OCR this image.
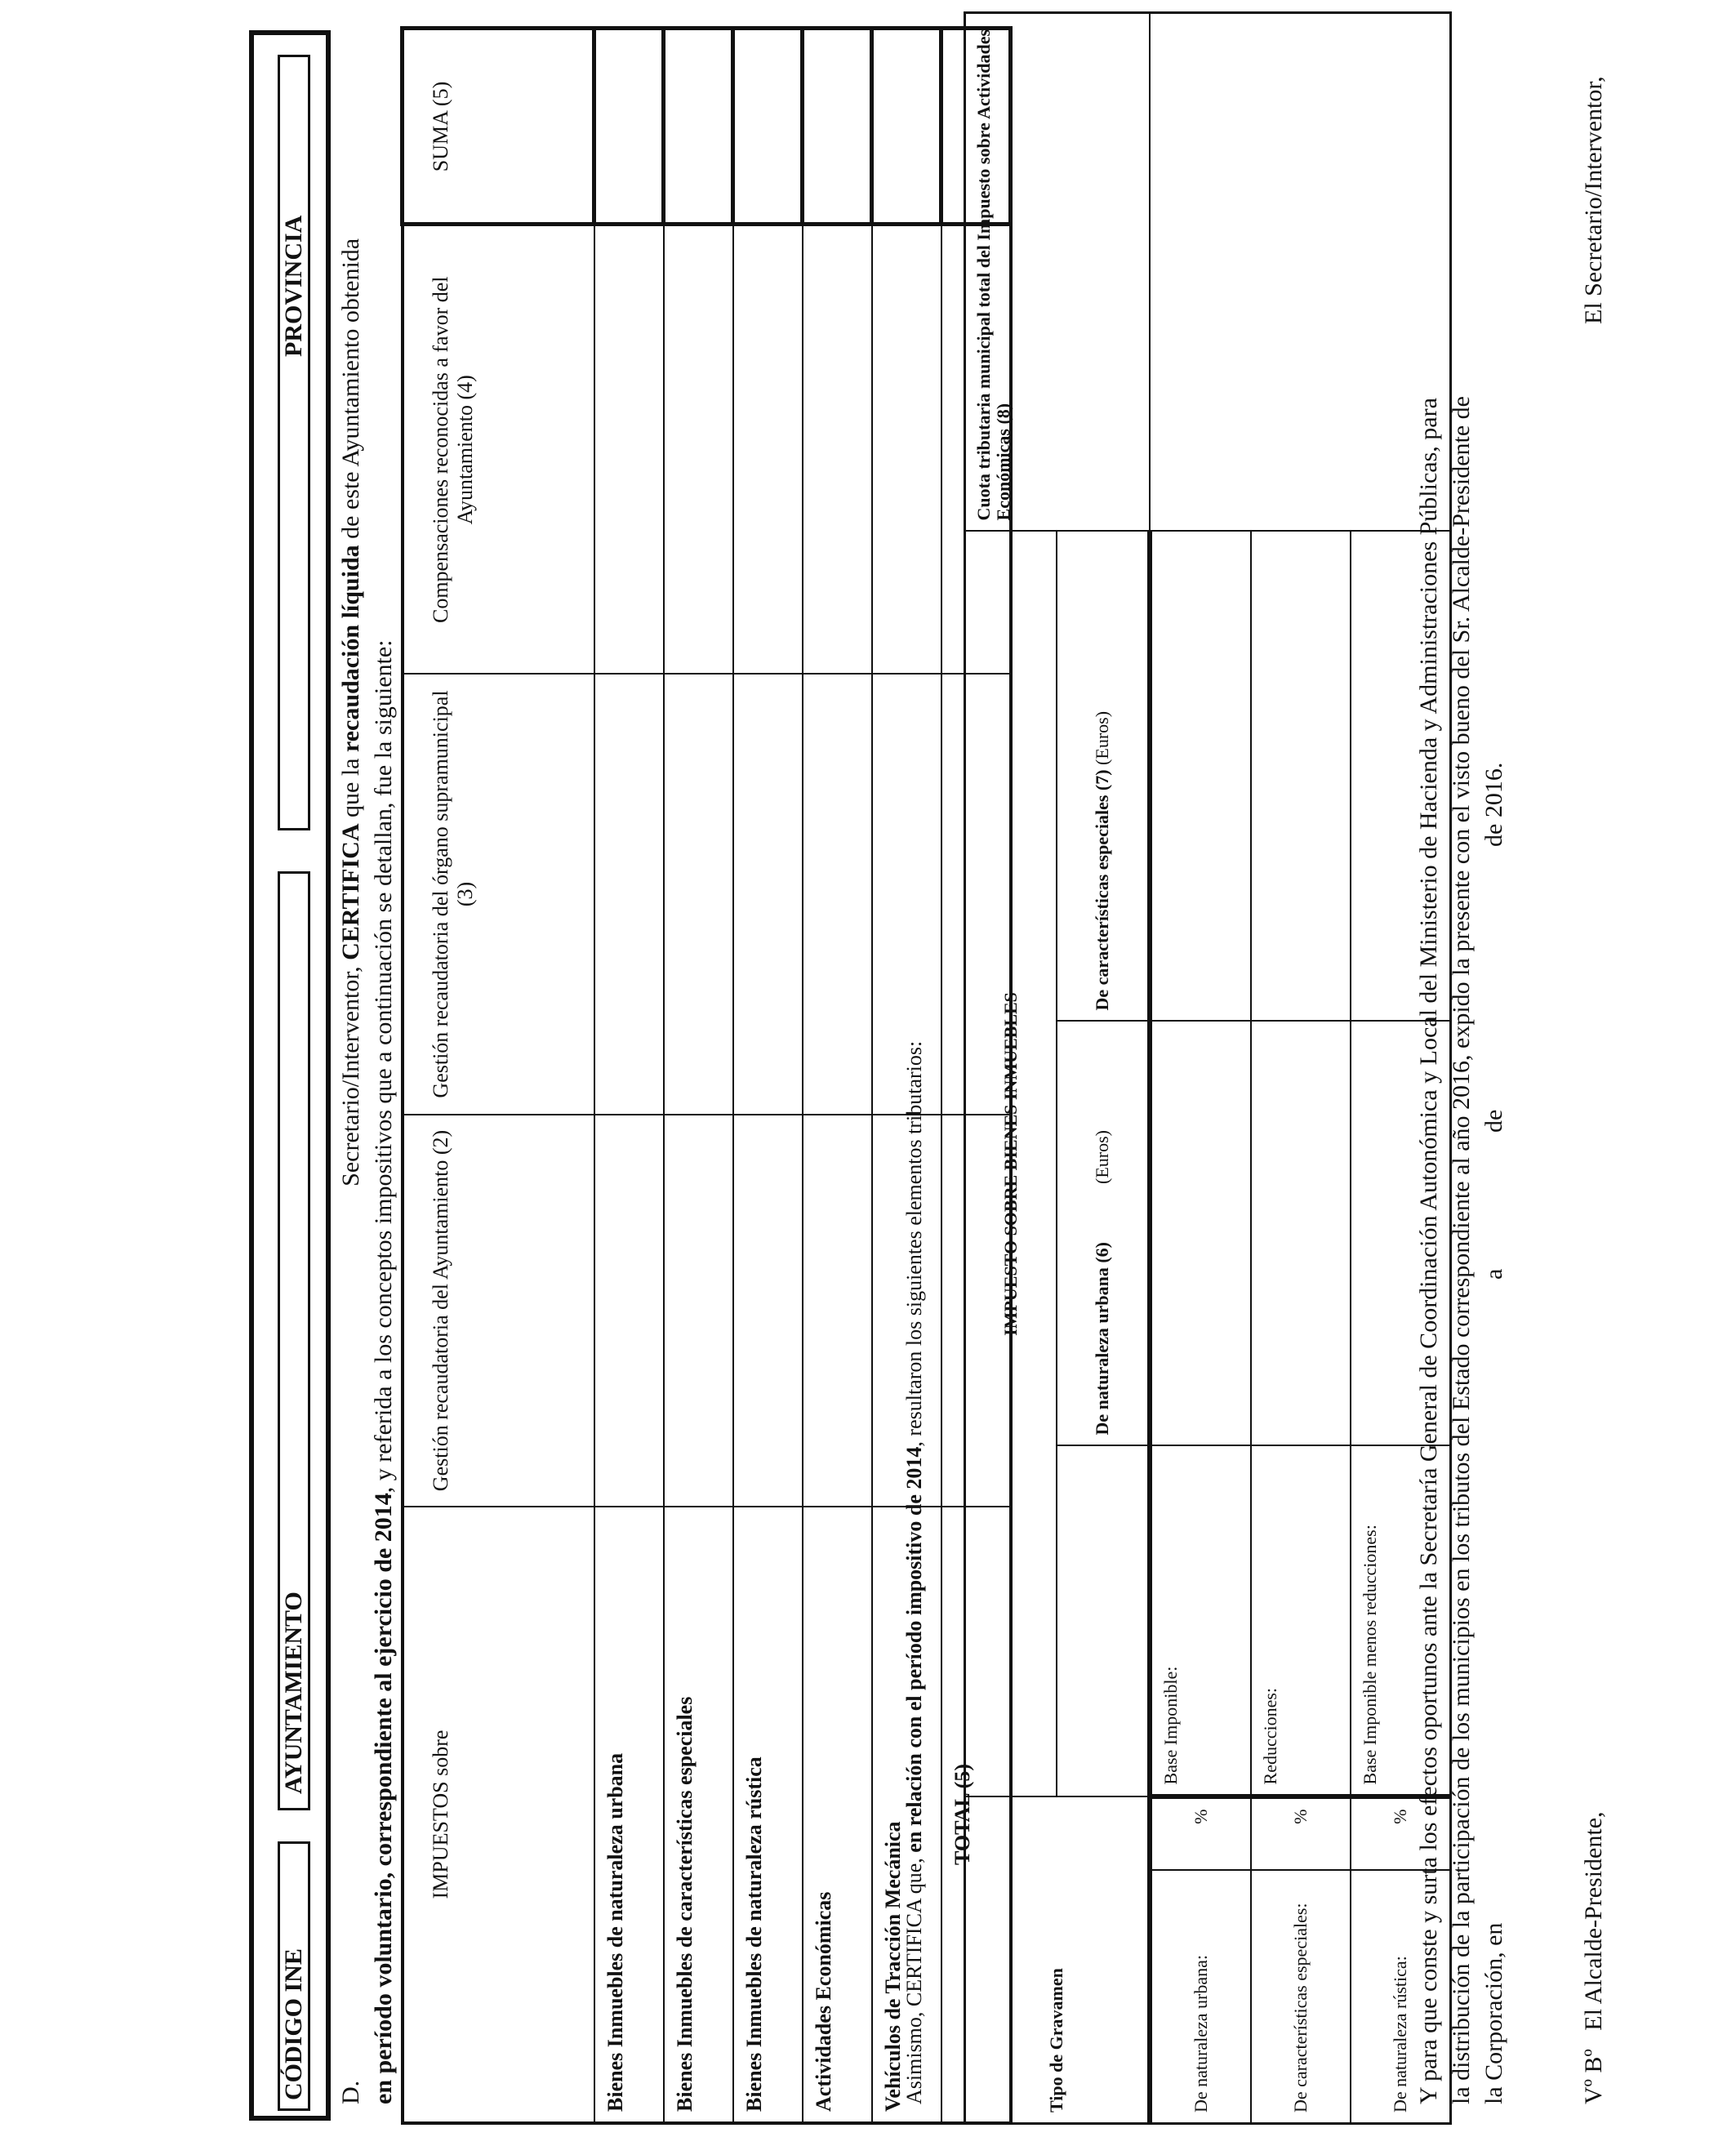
CÓDIGO INE
AYUNTAMIENTO
PROVINCIA
D.  Secretario/Interventor, CERTIFICA que la recaudación líquida de este Ayuntamiento obtenida
en período voluntario, correspondiente al ejercicio de 2014, y referida a los conceptos impositivos que a continuación se detallan, fue la siguiente:
IMPUESTOS sobre	Gestión recaudatoria del Ayuntamiento (2)	Gestión recaudatoria del órgano supramunicipal (3)	Compensaciones reconocidas a favor del Ayuntamiento (4)	SUMA (5)
Bienes Inmuebles de naturaleza urbana				
Bienes Inmuebles de características especiales				
Bienes Inmuebles de naturaleza rústica				
Actividades Económicas				
Vehículos de Tracción Mecánica				
TOTAL (5)				
Asimismo, CERTIFICA que, en relación con el período impositivo de 2014, resultaron los siguientes elementos tributarios:
Tipo de Gravamen		IMPUESTO SOBRE BIENES INMUEBLES			Cuota tributaria municipal total del Impuesto sobre Actividades Económicas (8)
			De naturaleza urbana (6)  (Euros)	De características especiales (7) (Euros)	
De naturaleza urbana:	%	Base Imponible:			
De características especiales:	%	Reducciones:			
De naturaleza rústica:	%	Base Imponible menos reducciones:			Y para que conste y surta los efectos oportunos ante la Secretaría General de Coordinación Autonómica y Local del Ministerio de Hacienda y Administraciones Públicas, para la distribución de la participación de los municipios en los tributos del Estado correspondiente al año 2016, expido la presente con el visto bueno del Sr. Alcalde-Presidente de la Corporación, en
a
de
de 2016.
Vº Bº   El Alcalde-Presidente,
El Secretario/Interventor,
